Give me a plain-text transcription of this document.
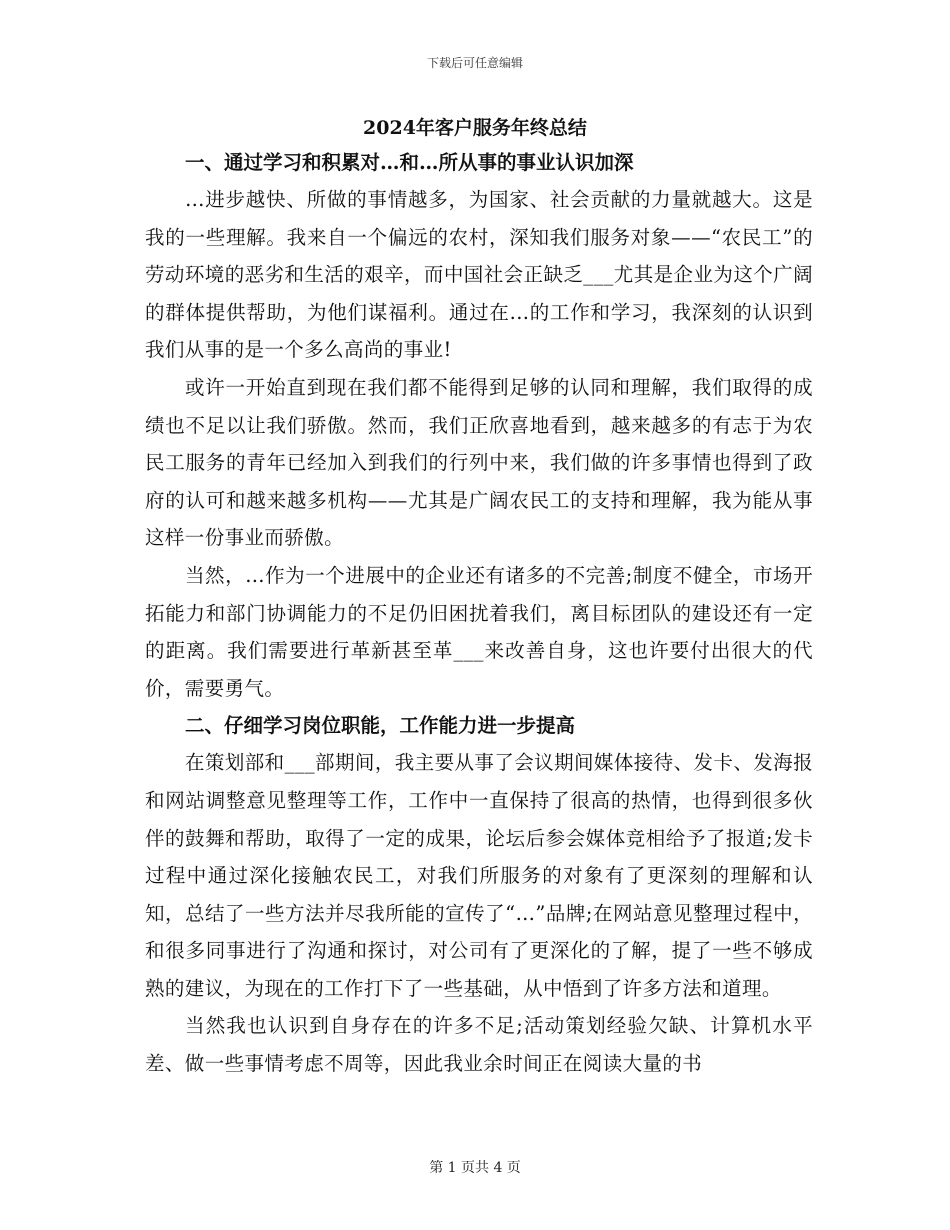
下载后可任意编辑
2024年客户服务年终总结

一、通过学习和积累对…和…所从事的事业认识加深

…进步越快、所做的事情越多，为国家、社会贡献的力量就越大。这是我的一些理解。我来自一个偏远的农村，深知我们服务对象——“农民工”的劳动环境的恶劣和生活的艰辛，而中国社会正缺乏___尤其是企业为这个广阔的群体提供帮助，为他们谋福利。通过在...的工作和学习，我深刻的认识到我们从事的是一个多么高尚的事业!

或许一开始直到现在我们都不能得到足够的认同和理解，我们取得的成绩也不足以让我们骄傲。然而，我们正欣喜地看到，越来越多的有志于为农民工服务的青年已经加入到我们的行列中来，我们做的许多事情也得到了政府的认可和越来越多机构——尤其是广阔农民工的支持和理解，我为能从事这样一份事业而骄傲。

当然，…作为一个进展中的企业还有诸多的不完善;制度不健全，市场开拓能力和部门协调能力的不足仍旧困扰着我们，离目标团队的建设还有一定的距离。我们需要进行革新甚至革___来改善自身，这也许要付出很大的代价，需要勇气。

二、仔细学习岗位职能，工作能力进一步提高

在策划部和___部期间，我主要从事了会议期间媒体接待、发卡、发海报和网站调整意见整理等工作，工作中一直保持了很高的热情，也得到很多伙伴的鼓舞和帮助，取得了一定的成果，论坛后参会媒体竞相给予了报道;发卡过程中通过深化接触农民工，对我们所服务的对象有了更深刻的理解和认知，总结了一些方法并尽我所能的宣传了“…”品牌;在网站意见整理过程中，和很多同事进行了沟通和探讨，对公司有了更深化的了解，提了一些不够成熟的建议，为现在的工作打下了一些基础，从中悟到了许多方法和道理。

当然我也认识到自身存在的许多不足;活动策划经验欠缺、计算机水平差、做一些事情考虑不周等，因此我业余时间正在阅读大量的书

第 1 页共 4 页
